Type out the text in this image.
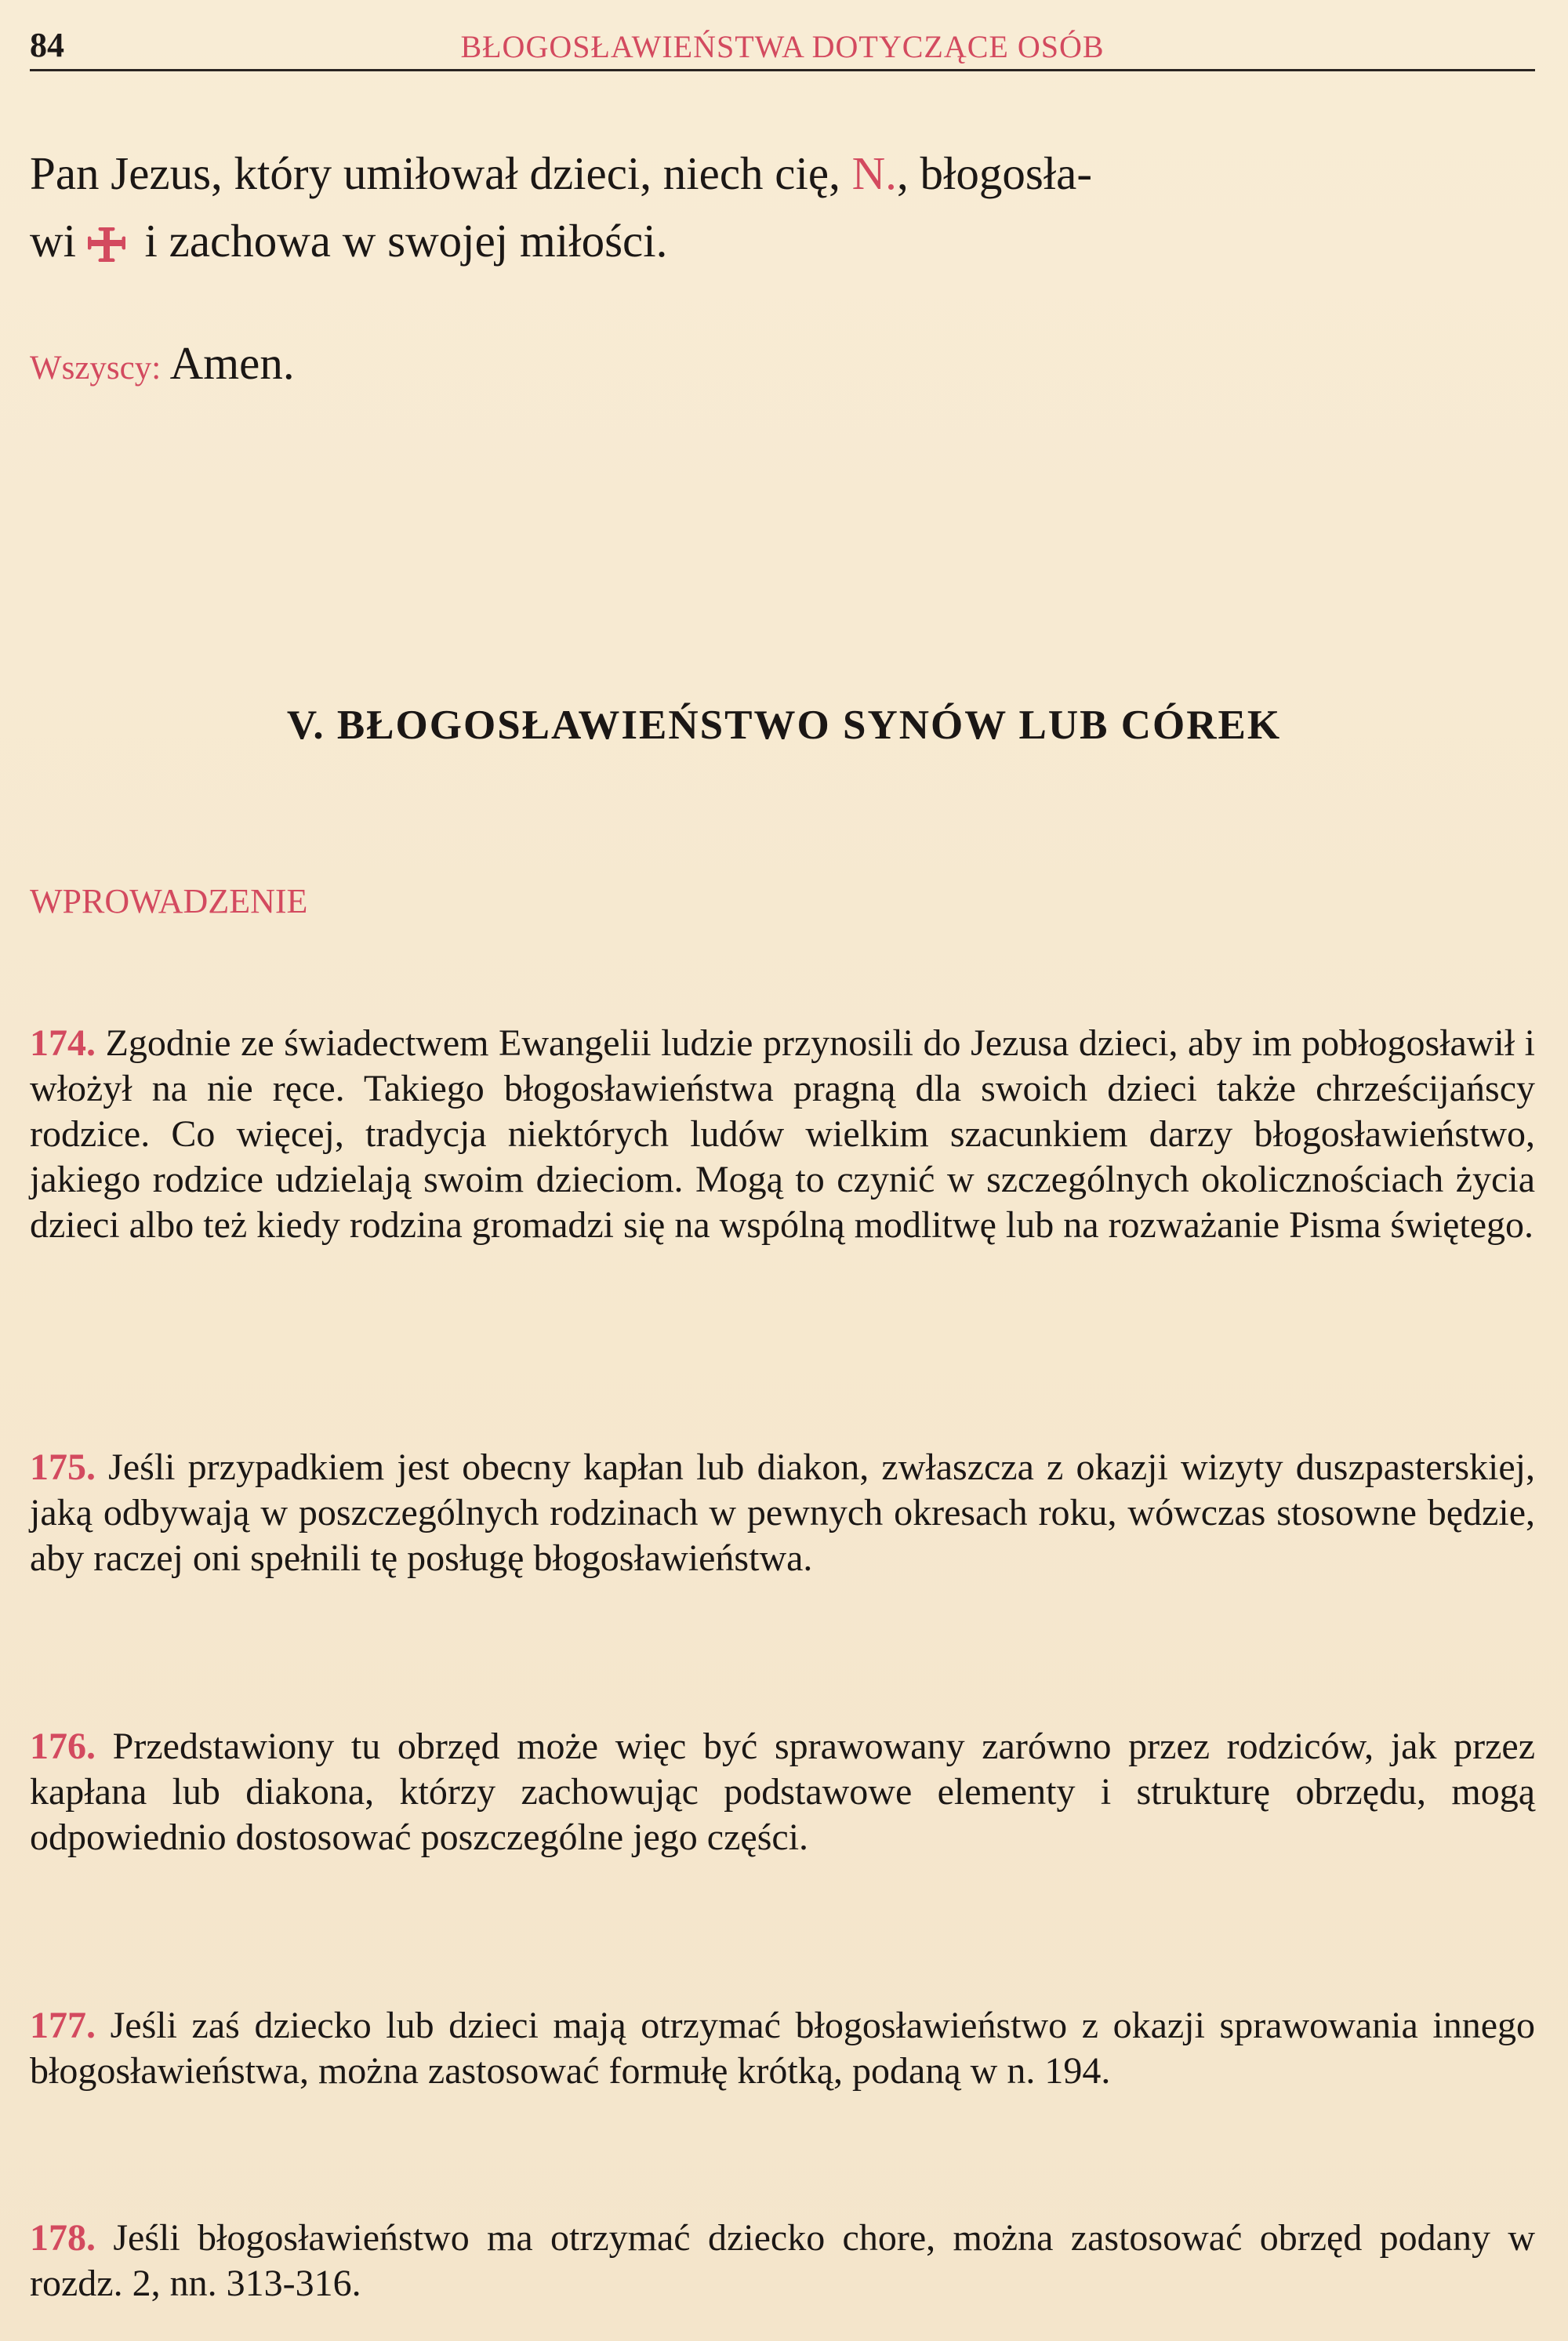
84	BŁOGOSŁAWIEŃSTWA DOTYCZĄCE OSÓB
Pan Jezus, który umiłował dzieci, niech cię, N., błogosła-
wi i zachowa w swojej miłości.
Wszyscy: Amen.
V. BŁOGOSŁAWIEŃSTWO SYNÓW LUB CÓREK
WPROWADZENIE
174. Zgodnie ze świadectwem Ewangelii ludzie przynosili do Jezusa dzieci, aby im pobłogosławił i włożył na nie ręce. Takiego błogosławieństwa pragną dla swoich dzieci także chrześcijańscy rodzice. Co więcej, tradycja niektórych ludów wielkim szacunkiem darzy błogosławieństwo, jakiego rodzice udzielają swoim dzieciom. Mogą to czynić w szczególnych okolicznościach życia dzieci albo też kiedy rodzina gromadzi się na wspólną modlitwę lub na rozważanie Pisma świętego.
175. Jeśli przypadkiem jest obecny kapłan lub diakon, zwłaszcza z okazji wizyty duszpasterskiej, jaką odbywają w poszczególnych rodzinach w pewnych okresach roku, wówczas stosowne będzie, aby raczej oni spełnili tę posługę błogosławieństwa.
176. Przedstawiony tu obrzęd może więc być sprawowany zarówno przez rodziców, jak przez kapłana lub diakona, którzy zachowując podstawowe elementy i strukturę obrzędu, mogą odpowiednio dostosować poszczególne jego części.
177. Jeśli zaś dziecko lub dzieci mają otrzymać błogosławieństwo z okazji sprawowania innego błogosławieństwa, można zastosować formułę krótką, podaną w n. 194.
178. Jeśli błogosławieństwo ma otrzymać dziecko chore, można zastosować obrzęd podany w rozdz. 2, nn. 313-316.
